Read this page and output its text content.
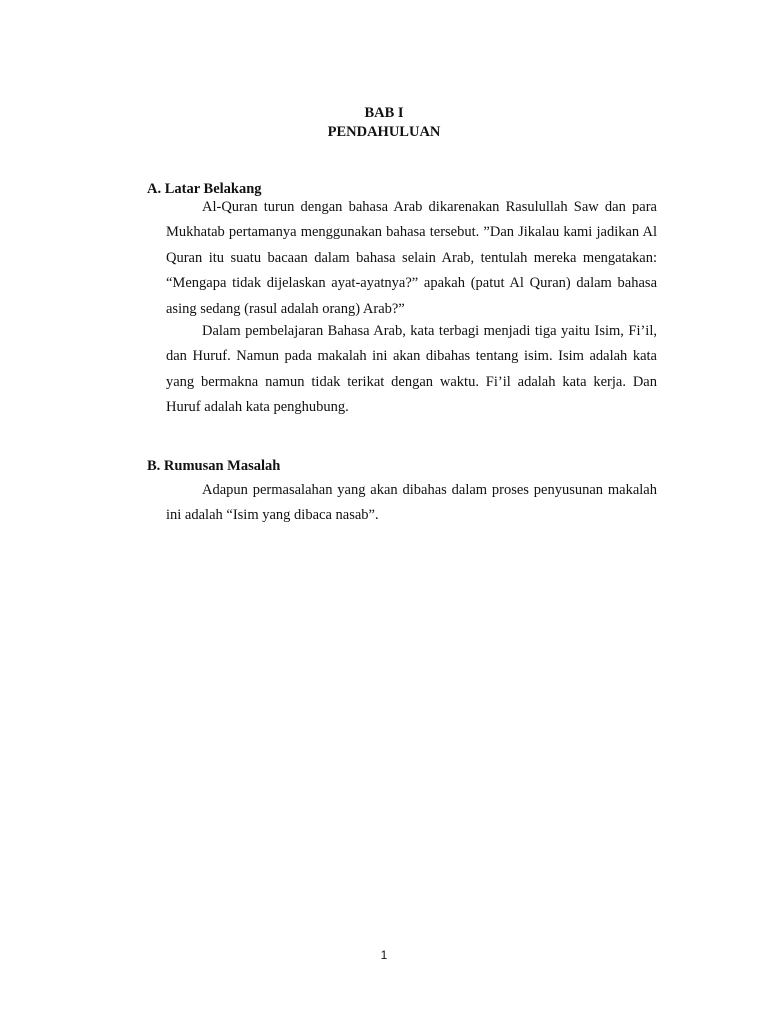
BAB I
PENDAHULUAN
A. Latar Belakang

Al-Quran turun dengan bahasa Arab dikarenakan Rasulullah Saw dan para Mukhatab pertamanya menggunakan bahasa tersebut. ”Dan Jikalau kami jadikan Al Quran itu suatu bacaan dalam bahasa selain Arab, tentulah mereka mengatakan: “Mengapa tidak dijelaskan ayat-ayatnya?” apakah (patut Al Quran) dalam bahasa asing sedang (rasul adalah orang) Arab?”

Dalam pembelajaran Bahasa Arab, kata terbagi menjadi tiga yaitu Isim, Fi’il, dan Huruf. Namun pada makalah ini akan dibahas tentang isim. Isim adalah kata yang bermakna namun tidak terikat dengan waktu. Fi’il adalah kata kerja. Dan Huruf adalah kata penghubung.

B. Rumusan Masalah

Adapun permasalahan yang akan dibahas dalam proses penyusunan makalah ini adalah “Isim yang dibaca nasab”.

1
